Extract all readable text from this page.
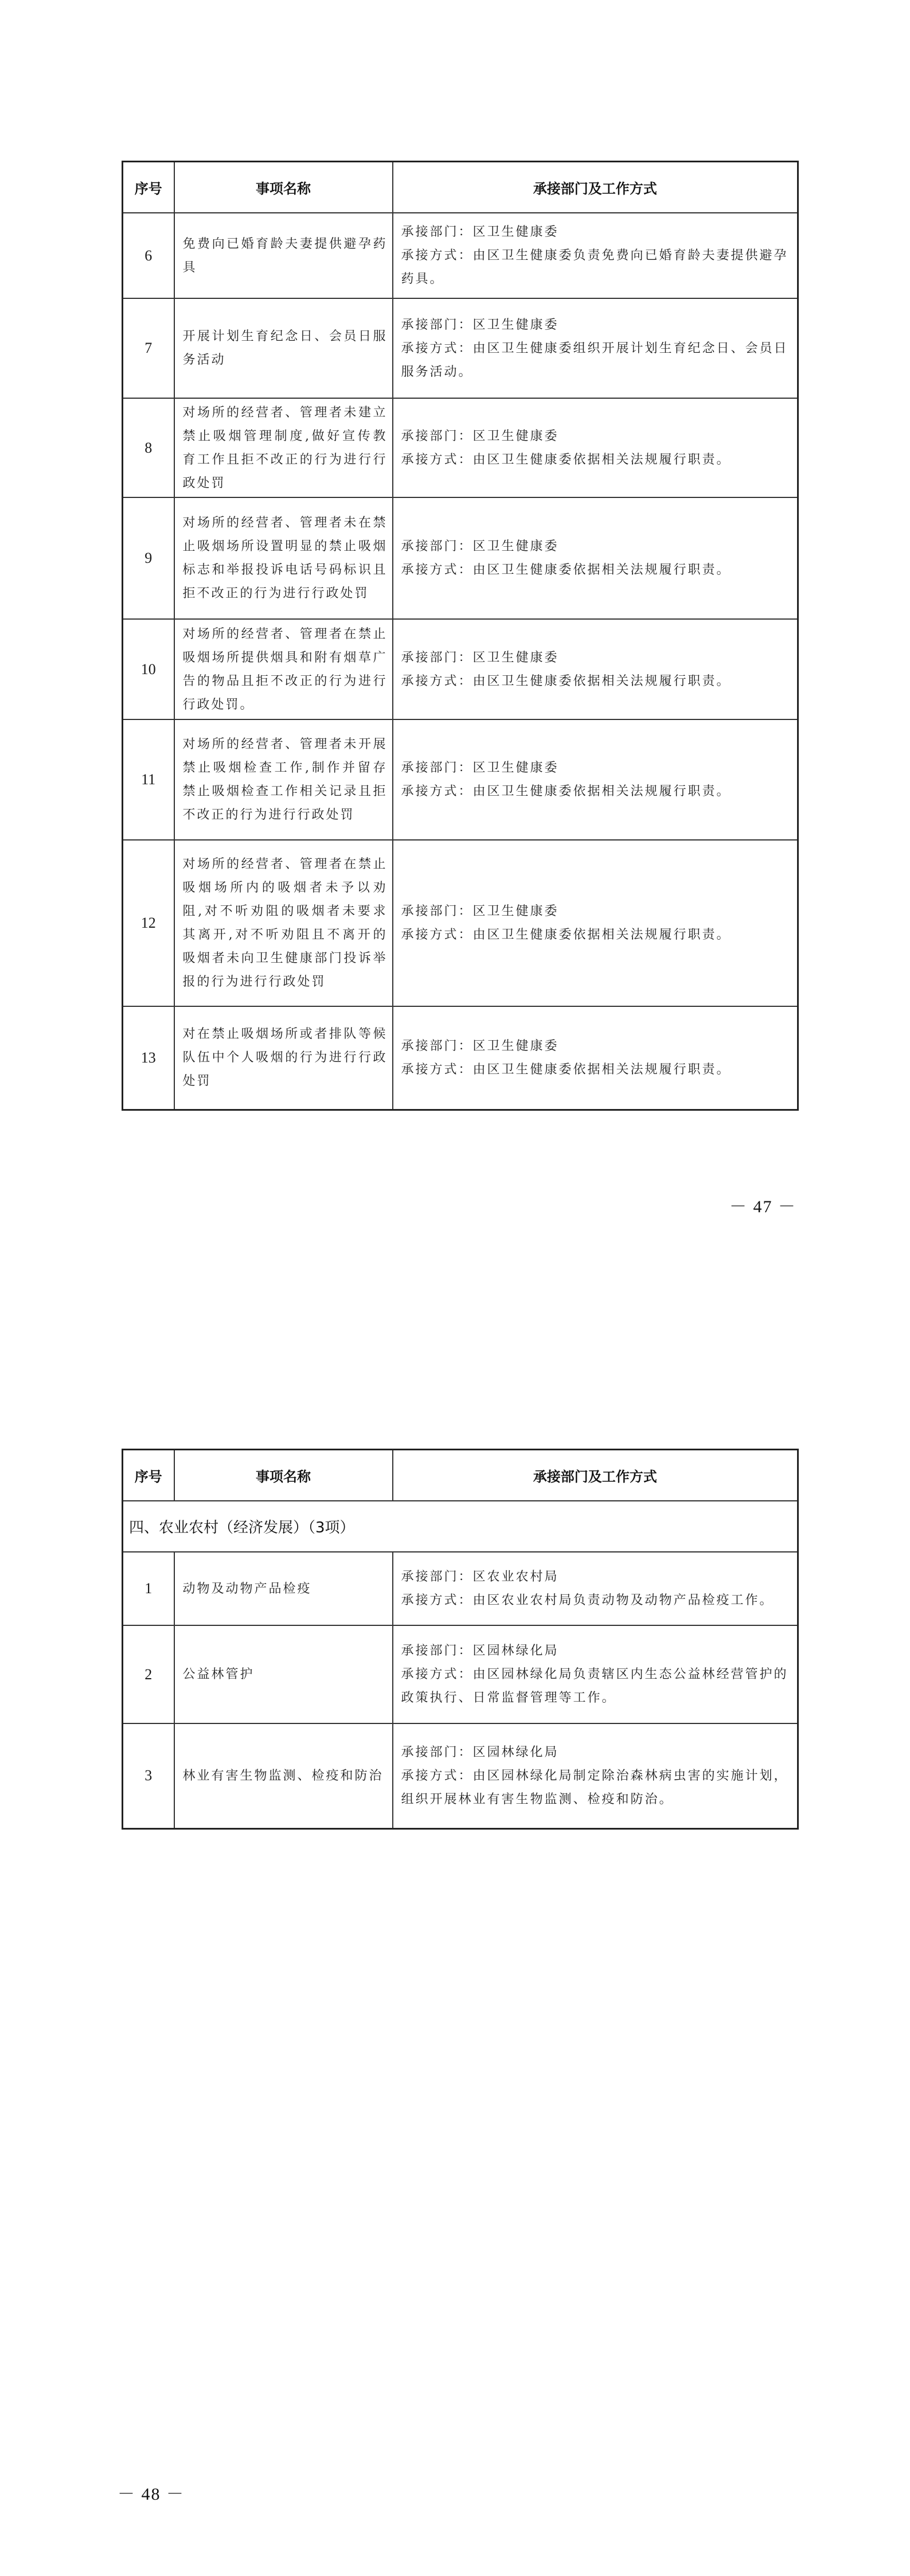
序号	事项名称	承接部门及工作方式
6	免费向已婚育龄夫妻提供避孕药具	承接部门：区卫生健康委
承接方式：由区卫生健康委负责免费向已婚育龄夫妻提供避孕药具。

7	开展计划生育纪念日、会员日服务活动	承接部门：区卫生健康委
承接方式：由区卫生健康委组织开展计划生育纪念日、会员日服务活动。

8	对场所的经营者、管理者未建立禁止吸烟管理制度,做好宣传教育工作且拒不改正的行为进行行政处罚	承接部门：区卫生健康委
承接方式：由区卫生健康委依据相关法规履行职责。

9	对场所的经营者、管理者未在禁止吸烟场所设置明显的禁止吸烟标志和举报投诉电话号码标识且拒不改正的行为进行行政处罚	承接部门：区卫生健康委
承接方式：由区卫生健康委依据相关法规履行职责。

10	对场所的经营者、管理者在禁止吸烟场所提供烟具和附有烟草广告的物品且拒不改正的行为进行行政处罚。	承接部门：区卫生健康委
承接方式：由区卫生健康委依据相关法规履行职责。

11	对场所的经营者、管理者未开展禁止吸烟检查工作,制作并留存禁止吸烟检查工作相关记录且拒不改正的行为进行行政处罚	承接部门：区卫生健康委
承接方式：由区卫生健康委依据相关法规履行职责。

12	对场所的经营者、管理者在禁止吸烟场所内的吸烟者未予以劝阻,对不听劝阻的吸烟者未要求其离开,对不听劝阻且不离开的吸烟者未向卫生健康部门投诉举报的行为进行行政处罚	承接部门：区卫生健康委
承接方式：由区卫生健康委依据相关法规履行职责。

13	对在禁止吸烟场所或者排队等候队伍中个人吸烟的行为进行行政处罚	承接部门：区卫生健康委
承接方式：由区卫生健康委依据相关法规履行职责。
－ 47 －
序号	事项名称	承接部门及工作方式
四、农业农村（经济发展）（3项）		
1	动物及动物产品检疫	承接部门：区农业农村局
承接方式：由区农业农村局负责动物及动物产品检疫工作。

2	公益林管护	承接部门：区园林绿化局
承接方式：由区园林绿化局负责辖区内生态公益林经营管护的政策执行、日常监督管理等工作。

3	林业有害生物监测、检疫和防治	承接部门：区园林绿化局
承接方式：由区园林绿化局制定除治森林病虫害的实施计划，组织开展林业有害生物监测、检疫和防治。
－ 48 －
